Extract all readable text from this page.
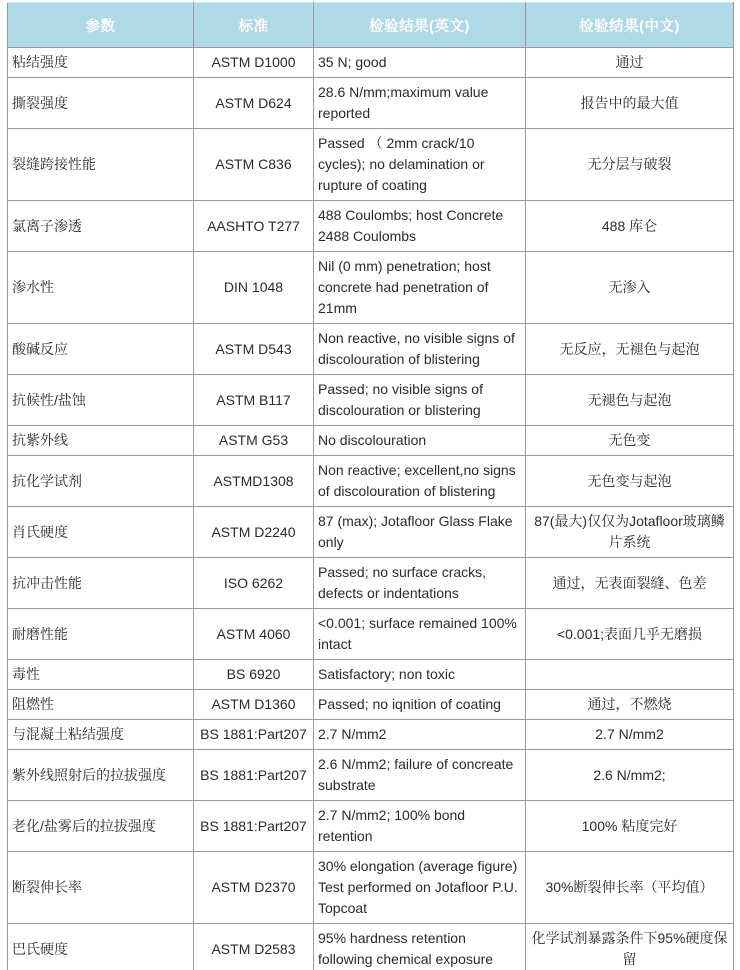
参数	标准	检验结果(英文)	检验结果(中文)
粘结强度	ASTM D1000	35 N; good	通过
撕裂强度	ASTM D624	28.6 N/mm;maximum value reported	报告中的最大值
裂缝跨接性能	ASTM C836	Passed （ 2mm crack/10 cycles); no delamination or rupture of coating	无分层与破裂
氯离子渗透	AASHTO T277	488 Coulombs; host Concrete 2488 Coulombs	488 库仑
渗水性	DIN 1048	Nil (0 mm) penetration; host concrete had penetration of 21mm	无渗入
酸碱反应	ASTM D543	Non reactive, no visible signs of discolouration of blistering	无反应，无褪色与起泡
抗候性/盐蚀	ASTM B117	Passed; no visible signs of discolouration or blistering	无褪色与起泡
抗紫外线	ASTM G53	No discolouration	无色变
抗化学试剂	ASTMD1308	Non reactive; excellent,no signs of discolouration of blistering	无色变与起泡
肖氏硬度	ASTM D2240	87 (max); Jotafloor Glass Flake only	87(最大)仅仅为Jotafloor玻璃鳞片系统
抗冲击性能	ISO 6262	Passed; no surface cracks, defects or indentations	通过，无表面裂缝、色差
耐磨性能	ASTM 4060	<0.001; surface remained 100% intact	<0.001;表面几乎无磨损
毒性	BS 6920	Satisfactory; non toxic	
阻燃性	ASTM D1360	Passed; no iqnition of coating	通过，不燃烧
与混凝土粘结强度	BS 1881:Part207	2.7 N/mm2	2.7 N/mm2
紫外线照射后的拉拔强度	BS 1881:Part207	2.6 N/mm2; failure of concreate substrate	2.6 N/mm2;
老化/盐雾后的拉拔强度	BS 1881:Part207	2.7 N/mm2; 100% bond retention	100% 粘度完好
断裂伸长率	ASTM D2370	30% elongation (average figure) Test performed on Jotafloor P.U. Topcoat	30%断裂伸长率（平均值）
巴氏硬度	ASTM D2583	95% hardness retention following chemical exposure	化学试剂暴露条件下95%硬度保留
